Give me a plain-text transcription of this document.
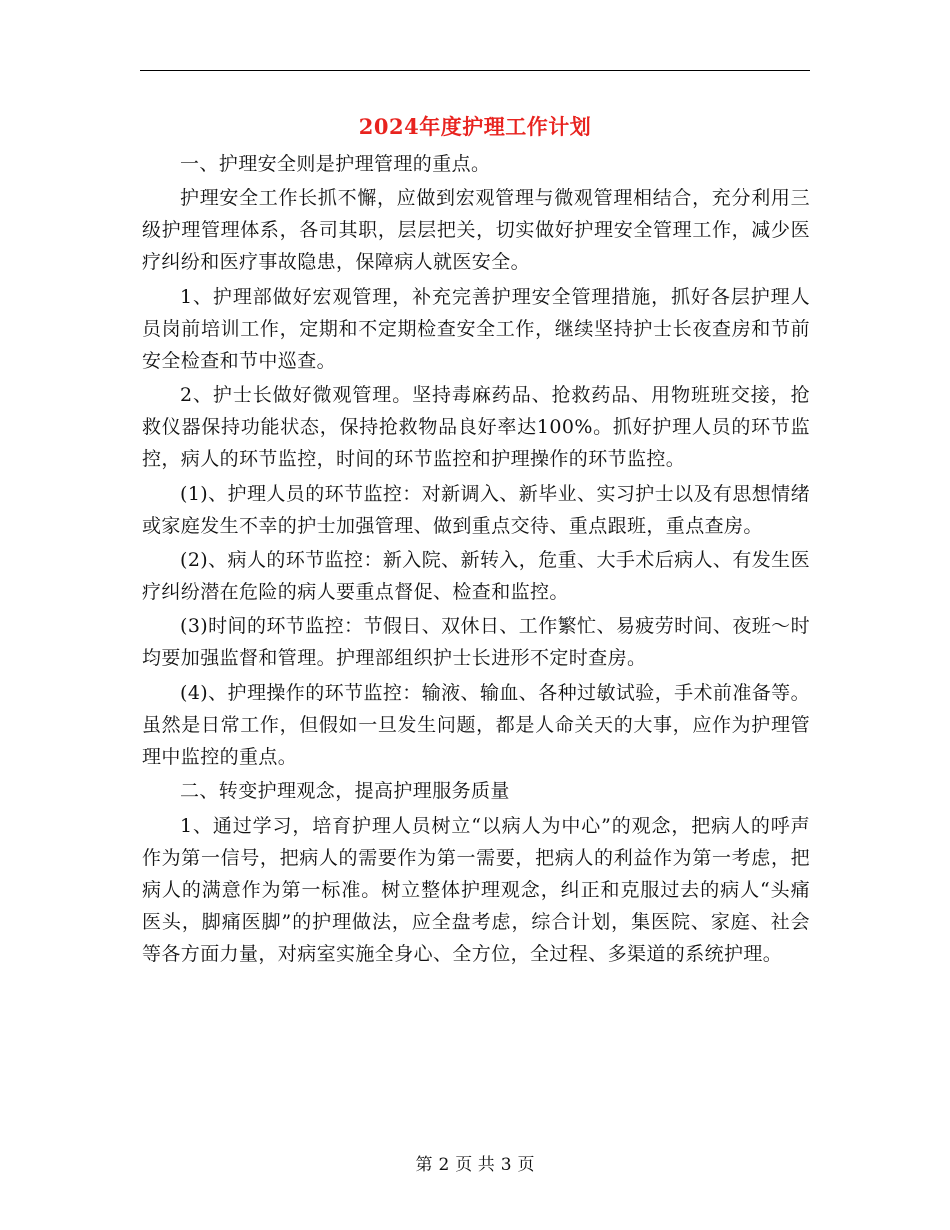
2024年度护理工作计划

一、护理安全则是护理管理的重点。

护理安全工作长抓不懈，应做到宏观管理与微观管理相结合，充分利用三级护理管理体系，各司其职，层层把关，切实做好护理安全管理工作，减少医疗纠纷和医疗事故隐患，保障病人就医安全。

1、护理部做好宏观管理，补充完善护理安全管理措施，抓好各层护理人员岗前培训工作，定期和不定期检查安全工作，继续坚持护士长夜查房和节前安全检查和节中巡查。

2、护士长做好微观管理。坚持毒麻药品、抢救药品、用物班班交接，抢救仪器保持功能状态，保持抢救物品良好率达100%。抓好护理人员的环节监控，病人的环节监控，时间的环节监控和护理操作的环节监控。

(1)、护理人员的环节监控：对新调入、新毕业、实习护士以及有思想情绪或家庭发生不幸的护士加强管理、做到重点交待、重点跟班，重点查房。

(2)、病人的环节监控：新入院、新转入，危重、大手术后病人、有发生医疗纠纷潜在危险的病人要重点督促、检查和监控。

(3)时间的环节监控：节假日、双休日、工作繁忙、易疲劳时间、夜班～时均要加强监督和管理。护理部组织护士长进形不定时查房。

(4)、护理操作的环节监控：输液、输血、各种过敏试验，手术前准备等。虽然是日常工作，但假如一旦发生问题，都是人命关天的大事，应作为护理管理中监控的重点。

二、转变护理观念，提高护理服务质量

1、通过学习，培育护理人员树立“以病人为中心”的观念，把病人的呼声作为第一信号，把病人的需要作为第一需要，把病人的利益作为第一考虑，把病人的满意作为第一标准。树立整体护理观念，纠正和克服过去的病人“头痛医头，脚痛医脚”的护理做法，应全盘考虑，综合计划，集医院、家庭、社会等各方面力量，对病室实施全身心、全方位，全过程、多渠道的系统护理。

第 2 页 共 3 页
